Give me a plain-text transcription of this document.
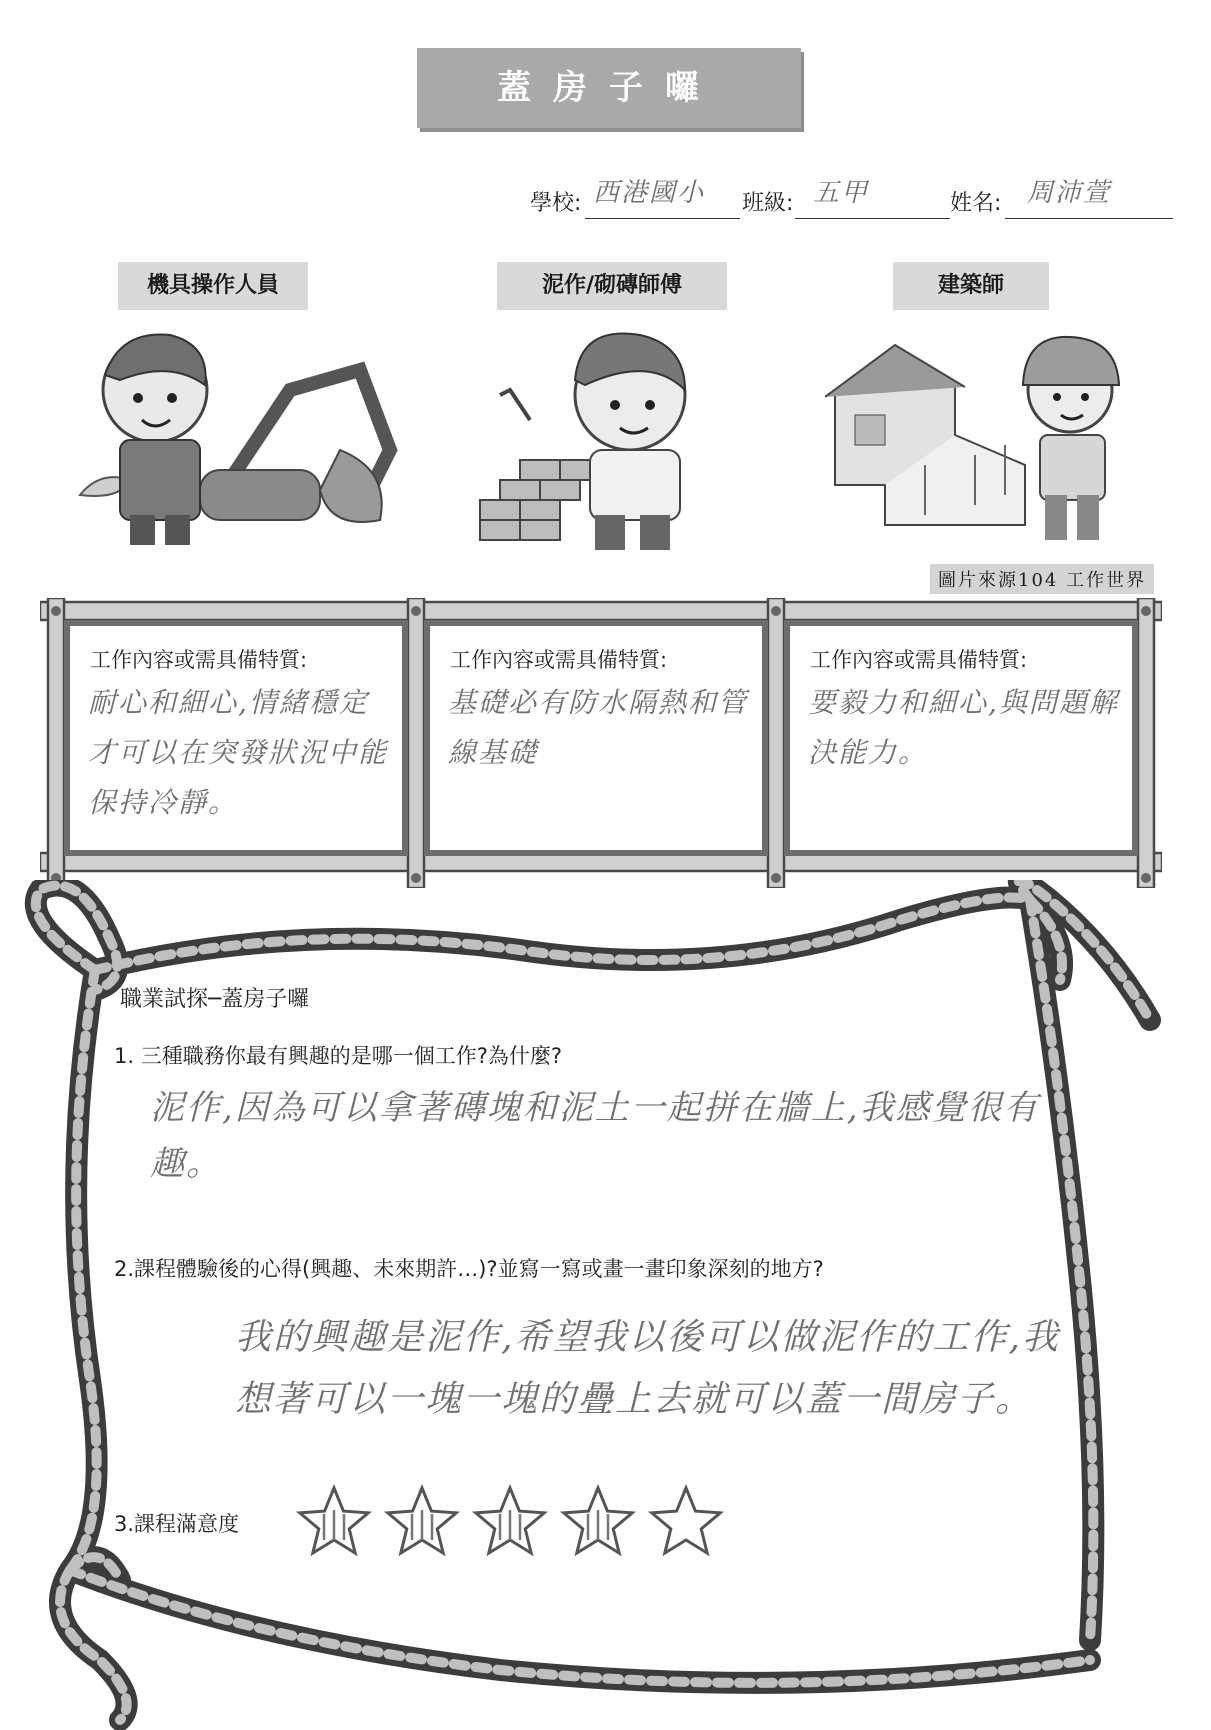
蓋房子囉
學校: 西港國小 班級: 五甲	姓名: 周沛萱
機具操作人員	泥作/砌磚師傅	建築師
圖片來源104 工作世界
工作內容或需具備特質:
耐心和細心,情緒穩定才可以在突發狀況中能保持冷靜。
工作內容或需具備特質:
基礎必有防水隔熱和管線基礎
工作內容或需具備特質:
要毅力和細心,與問題解決能力。
職業試探─蓋房子囉
1. 三種職務你最有興趣的是哪一個工作?為什麼?
泥作,因為可以拿著磚塊和泥土一起拼在牆上,我感覺很有趣。
2.課程體驗後的心得(興趣、未來期許…)?並寫一寫或畫一畫印象深刻的地方?
我的興趣是泥作,希望我以後可以做泥作的工作,我
想著可以一塊一塊的疊上去就可以蓋一間房子。
3.課程滿意度
